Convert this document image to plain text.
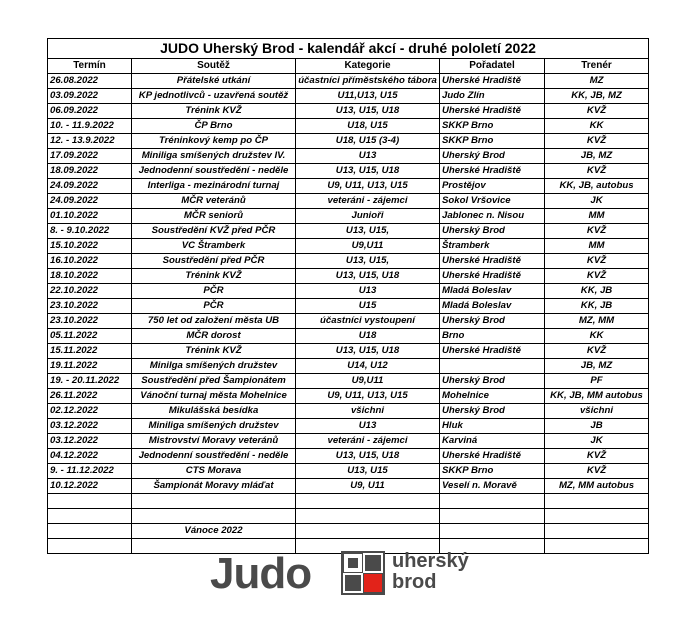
JUDO Uherský Brod - kalendář akcí - druhé pololetí 2022				
Termín	Soutěž	Kategorie	Pořadatel	Trenér
26.08.2022	Přátelské utkání	účastníci příměstského tábora	Uherské Hradiště	MZ
03.09.2022	KP jednotlivců - uzavřená soutěž	U11,U13, U15	Judo Zlín	KK, JB, MZ
06.09.2022	Trénink KVŽ	U13, U15, U18	Uherské Hradiště	KVŽ
10. - 11.9.2022	ČP Brno	U18, U15	SKKP Brno	KK
12. - 13.9.2022	Tréninkový kemp po ČP	U18, U15 (3-4)	SKKP Brno	KVŽ
17.09.2022	Miniliga smíšených družstev IV.	U13	Uherský Brod	JB, MZ
18.09.2022	Jednodenní soustředění - neděle	U13, U15, U18	Uherské Hradiště	KVŽ
24.09.2022	Interliga - mezinárodní turnaj	U9, U11, U13, U15	Prostějov	KK, JB, autobus
24.09.2022	MČR veteránů	veteráni - zájemci	Sokol Vršovice	JK
01.10.2022	MČR seniorů	Junioři	Jablonec n. Nisou	MM
8. - 9.10.2022	Soustředění KVŽ před PČR	U13, U15,	Uherský Brod	KVŽ
15.10.2022	VC Štramberk	U9,U11	Štramberk	MM
16.10.2022	Soustředění před PČR	U13, U15,	Uherské Hradiště	KVŽ
18.10.2022	Trénink KVŽ	U13, U15, U18	Uherské Hradiště	KVŽ
22.10.2022	PČR	U13	Mladá Boleslav	KK, JB
23.10.2022	PČR	U15	Mladá Boleslav	KK, JB
23.10.2022	750 let od založení města UB	účastníci vystoupení	Uherský Brod	MZ, MM
05.11.2022	MČR dorost	U18	Brno	KK
15.11.2022	Trénink KVŽ	U13, U15, U18	Uherské Hradiště	KVŽ
19.11.2022	Minilga smíšených družstev	U14, U12		JB, MZ
19. - 20.11.2022	Soustředění před Šampionátem	U9,U11	Uherský Brod	PF
26.11.2022	Vánoční turnaj města Mohelnice	U9, U11, U13, U15	Mohelnice	KK, JB, MM autobus
02.12.2022	Mikulášská besídka	všichni	Uherský Brod	všichni
03.12.2022	Miniliga smíšených družstev	U13	Hluk	JB
03.12.2022	Mistrovství Moravy veteránů	veteráni - zájemci	Karviná	JK
04.12.2022	Jednodenní soustředění - neděle	U13, U15, U18	Uherské Hradiště	KVŽ
9. - 11.12.2022	CTS Morava	U13, U15	SKKP Brno	KVŽ
10.12.2022	Šampionát Moravy mláďat	U9, U11	Veselí n. Moravě	MZ, MM autobus

	Vánoce 2022			

Judo	uherský
brod
